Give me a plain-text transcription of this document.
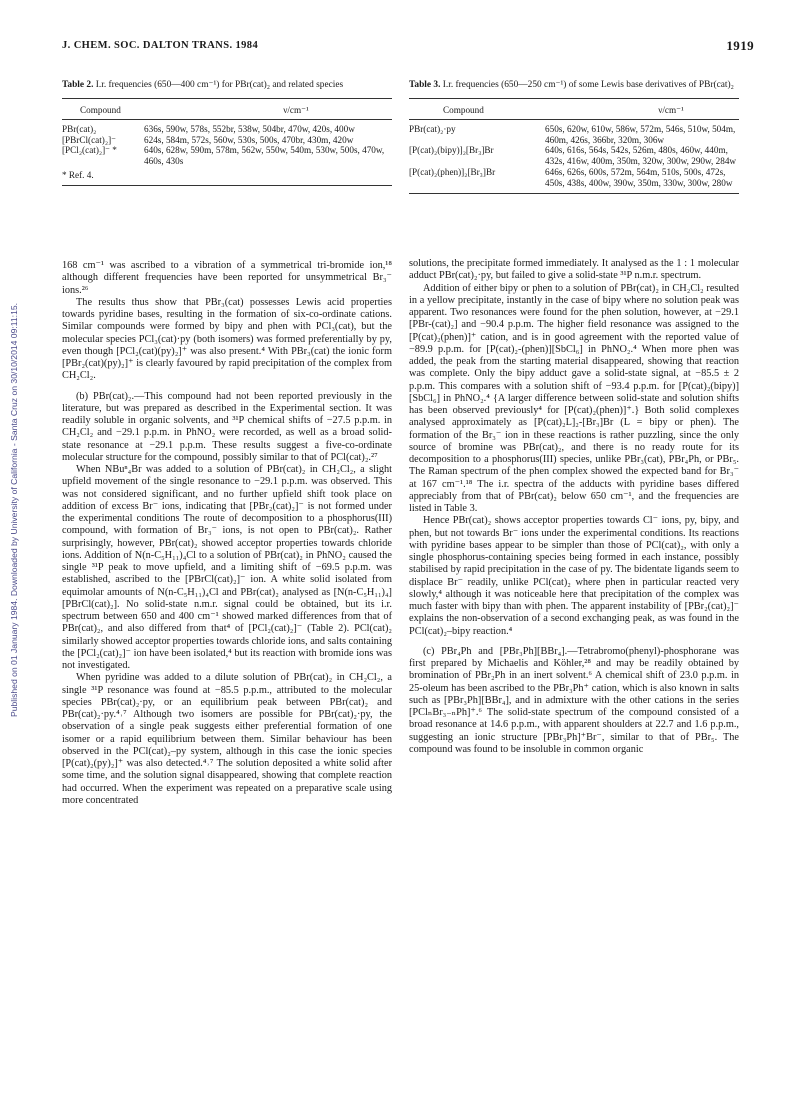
Published on 01 January 1984. Downloaded by University of California - Santa Cruz on 30/10/2014 09:11:15.
J. CHEM. SOC. DALTON TRANS. 1984	1919

Table 2. I.r. frequencies (650—400 cm⁻¹) for PBr(cat)₂ and related species

Compound	ν/cm⁻¹
PBr(cat)₂	636s, 590w, 578s, 552br, 538w, 504br, 470w, 420s, 400w
[PBrCl(cat)₂]⁻	624s, 584m, 572s, 560w, 530s, 500s, 470br, 430m, 420w
[PCl₂(cat)₂]⁻ *	640s, 628w, 590m, 578m, 562w, 550w, 540m, 530w, 500s, 470w, 460s, 430s
* Ref. 4.

168 cm⁻¹ was ascribed to a vibration of a symmetrical tri-bromide ion,¹⁸ although different frequencies have been reported for unsymmetrical Br₃⁻ ions.²⁶

The results thus show that PBr₃(cat) possesses Lewis acid properties towards pyridine bases, resulting in the formation of six-co-ordinate cations. Similar compounds were formed by bipy and phen with PCl₃(cat), but the molecular species PCl₃(cat)·py (both isomers) was formed preferentially by py, even though [PCl₂(cat)(py)₂]⁺ was also present.⁴ With PBr₃(cat) the ionic form [PBr₂(cat)(py)₂]⁺ is clearly favoured by rapid precipitation of the complex from CH₂Cl₂.

(b) PBr(cat)₂.—This compound had not been reported previously in the literature, but was prepared as described in the Experimental section. It was readily soluble in organic solvents, and ³¹P chemical shifts of −27.5 p.p.m. in CH₂Cl₂ and −29.1 p.p.m. in PhNO₂ were recorded, as well as a broad solid-state resonance at −29.1 p.p.m. These results suggest a five-co-ordinate molecular structure for the compound, possibly similar to that of PCl(cat)₂.²⁷

When NBuⁿ₄Br was added to a solution of PBr(cat)₂ in CH₂Cl₂, a slight upfield movement of the single resonance to −29.1 p.p.m. was observed. This was not considered significant, and no further upfield shift took place on addition of excess Br⁻ ions, indicating that [PBr₂(cat)₂]⁻ is not formed under the experimental conditions The route of decomposition to a phosphorus(III) compound, with formation of Br₃⁻ ions, is not open to PBr(cat)₂. Rather surprisingly, however, PBr(cat)₂ showed acceptor properties towards chloride ions. Addition of N(n-C₅H₁₁)₄Cl to a solution of PBr(cat)₂ in PhNO₂ caused the single ³¹P peak to move upfield, and a limiting shift of −69.5 p.p.m. was established, ascribed to the [PBrCl(cat)₂]⁻ ion. A white solid isolated from equimolar amounts of N(n-C₅H₁₁)₄Cl and PBr(cat)₂ analysed as [N(n-C₅H₁₁)₄][PBrCl(cat)₂]. No solid-state n.m.r. signal could be obtained, but its i.r. spectrum between 650 and 400 cm⁻¹ showed marked differences from that of PBr(cat)₂, and also differed from that⁴ of [PCl₂(cat)₂]⁻ (Table 2). PCl(cat)₂ similarly showed acceptor properties towards chloride ions, and salts containing the [PCl₂(cat)₂]⁻ ion have been isolated,⁴ but its reaction with bromide ions was not investigated.

When pyridine was added to a dilute solution of PBr(cat)₂ in CH₂Cl₂, a single ³¹P resonance was found at −85.5 p.p.m., attributed to the molecular species PBr(cat)₂·py, or an equilibrium peak between PBr(cat)₂ and PBr(cat)₂·py.⁴˒⁷ Although two isomers are possible for PBr(cat)₂·py, the observation of a single peak suggests either preferential formation of one isomer or a rapid equilibrium between them. Similar behaviour has been observed in the PCl(cat)₂–py system, although in this case the ionic species [P(cat)₂(py)₂]⁺ was also detected.⁴˒⁷ The solution deposited a white solid after some time, and the solution signal disappeared, showing that complete reaction had occurred. When the experiment was repeated on a preparative scale using more concentrated

Table 3. I.r. frequencies (650—250 cm⁻¹) of some Lewis base derivatives of PBr(cat)₂

Compound	ν/cm⁻¹
PBr(cat)₂·py	650s, 620w, 610w, 586w, 572m, 546s, 510w, 504m, 460m, 426s, 366br, 320m, 306w
[P(cat)₂(bipy)]₂[Br₃]Br	640s, 616s, 564s, 542s, 526m, 480s, 460w, 440m, 432s, 416w, 400m, 350m, 320w, 300w, 290w, 284w
[P(cat)₂(phen)]₂[Br₃]Br	646s, 626s, 600s, 572m, 564m, 510s, 500s, 472s, 450s, 438s, 400w, 390w, 350m, 330w, 300w, 280w

solutions, the precipitate formed immediately. It analysed as the 1 : 1 molecular adduct PBr(cat)₂·py, but failed to give a solid-state ³¹P n.m.r. spectrum.

Addition of either bipy or phen to a solution of PBr(cat)₂ in CH₂Cl₂ resulted in a yellow precipitate, instantly in the case of bipy where no solution peak was apparent. Two resonances were found for the phen solution, however, at −29.1 [PBr-(cat)₂] and −90.4 p.p.m. The higher field resonance was assigned to the [P(cat)₂(phen)]⁺ cation, and is in good agreement with the reported value of −89.9 p.p.m. for [P(cat)₂-(phen)][SbCl₆] in PhNO₂.⁴ When more phen was added, the peak from the starting material disappeared, showing that reaction was complete. Only the bipy adduct gave a solid-state signal, at −85.5 ± 2 p.p.m. This compares with a solution shift of −93.4 p.p.m. for [P(cat)₂(bipy)][SbCl₆] in PhNO₂.⁴ {A larger difference between solid-state and solution shifts has been observed previously⁴ for [P(cat)₂(phen)]⁺.} Both solid complexes analysed approximately as [P(cat)₂L]₂-[Br₃]Br (L = bipy or phen). The formation of the Br₃⁻ ion in these reactions is rather puzzling, since the only source of bromine was PBr(cat)₂, and there is no ready route for its decomposition to a phosphorus(III) species, unlike PBr₃(cat), PBr₄Ph, or PBr₅. The Raman spectrum of the phen complex showed the expected band for Br₃⁻ at 167 cm⁻¹.¹⁸ The i.r. spectra of the adducts with pyridine bases differed appreciably from that of PBr(cat)₂ below 650 cm⁻¹, and the frequencies are listed in Table 3.

Hence PBr(cat)₂ shows acceptor properties towards Cl⁻ ions, py, bipy, and phen, but not towards Br⁻ ions under the experimental conditions. Its reactions with pyridine bases appear to be simpler than those of PCl(cat)₂, with only a single phosphorus-containing species being formed in each instance, possibly stabilised by rapid precipitation in the case of py. The bidentate ligands seem to displace Br⁻ readily, unlike PCl(cat)₂ where phen in particular reacted very slowly,⁴ although it was noticeable here that precipitation of the complex was much faster with bipy than with phen. The apparent instability of [PBr₂(cat)₂]⁻ explains the non-observation of a second exchanging peak, as was found in the PCl(cat)₂–bipy reaction.⁴

(c) PBr₄Ph and [PBr₃Ph][BBr₄].—Tetrabromo(phenyl)-phosphorane was first prepared by Michaelis and Köhler,²⁸ and may be readily obtained by bromination of PBr₂Ph in an inert solvent.⁶ A chemical shift of 23.0 p.p.m. in 25-oleum has been ascribed to the PBr₃Ph⁺ cation, which is also known in salts such as [PBr₃Ph][BBr₄], and in admixture with the other cations in the series [PClₙBr₃₋ₙPh]⁺.⁶ The solid-state spectrum of the compound consisted of a broad resonance at 14.6 p.p.m., with apparent shoulders at 22.7 and 1.6 p.p.m., suggesting an ionic structure [PBr₃Ph]⁺Br⁻, similar to that of PBr₅. The compound was found to be insoluble in common organic
